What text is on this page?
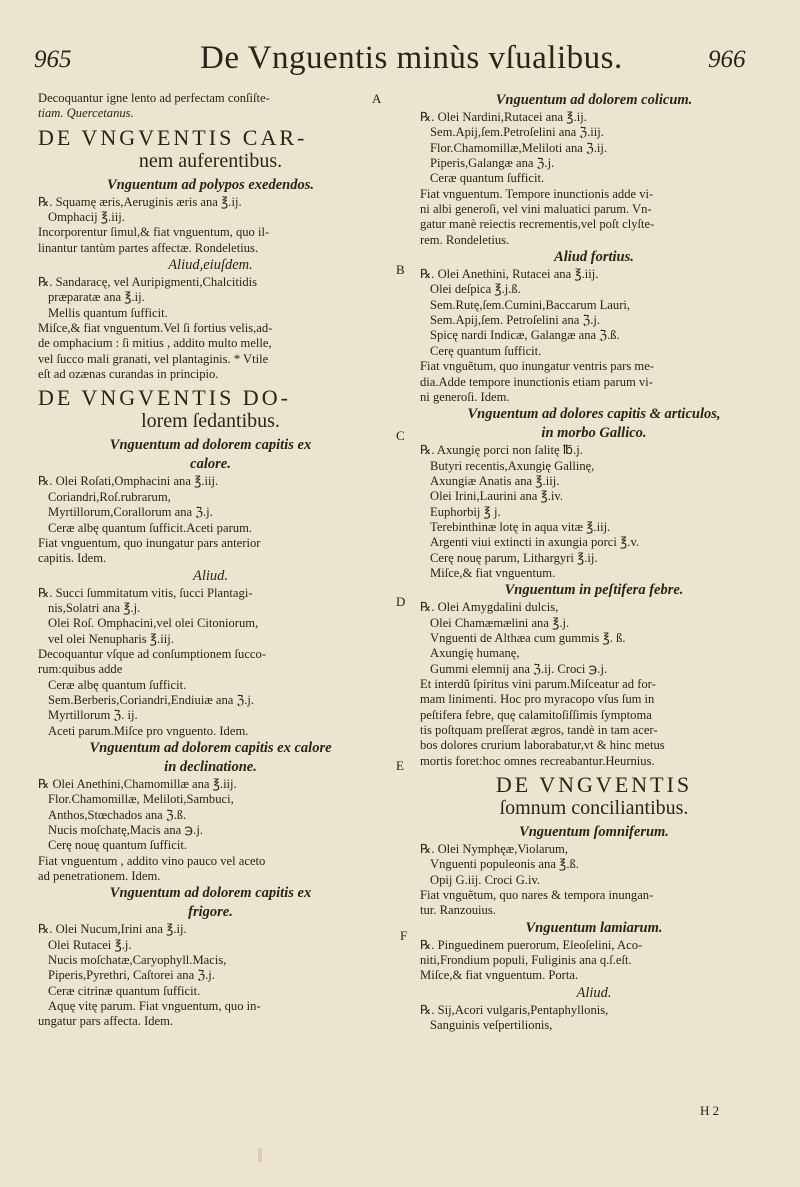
965	De Vnguentis minùs vſualibus.	966
A
B
C
D
E
F

Decoquantur igne lento ad perfectam conſiſte-

tiam. Quercetanus.

DE VNGVENTIS CAR-

nem auferentibus.

Vnguentum ad polypos exedendos.

℞. Squamę æris,Aeruginis æris ana ℥.ij.

Omphacij ℥.iij.

Incorporentur ſimul,& fiat vnguentum, quo il-

linantur tantùm partes affectæ. Rondeletius.

Aliud,eiuſdem.

℞. Sandaracę, vel Auripigmenti,Chalcitidis

præparatæ ana ℥.ij.

Mellis quantum ſufficit.

Miſce,& fiat vnguentum.Vel ſi fortius velis,ad-

de omphacium : ſi mitius , addito multo melle,

vel ſucco mali granati, vel plantaginis. * Vtile

eſt ad ozænas curandas in principio.

DE VNGVENTIS DO-

lorem ſedantibus.

Vnguentum ad dolorem capitis ex

calore.

℞. Olei Roſati,Omphacini ana ℥.iij.

Coriandri,Roſ.rubrarum,

Myrtillorum,Corallorum ana ℨ.j.

Ceræ albę quantum ſufficit.Aceti parum.

Fiat vnguentum, quo inungatur pars anterior

capitis. Idem.

Aliud.

℞. Succi ſummitatum vitis, ſucci Plantagi-

nis,Solatri ana ℥.j.

Olei Roſ. Omphacini,vel olei Citoniorum,

vel olei Nenupharis ℥.iij.

Decoquantur vſque ad conſumptionem ſucco-

rum:quibus adde

Ceræ albę quantum ſufficit.

Sem.Berberis,Coriandri,Endiuiæ ana ℨ.j.

Myrtillorum ℨ. ij.

Aceti parum.Miſce pro vnguento. Idem.

Vnguentum ad dolorem capitis ex calore

in declinatione.

℞ Olei Anethini,Chamomillæ ana ℥.iij.

Flor.Chamomillæ, Meliloti,Sambuci,

Anthos,Stœchados ana ℨ.ß.

Nucis moſchatę,Macis ana ℈.j.

Cerę nouę quantum ſufficit.

Fiat vnguentum , addito vino pauco vel aceto

ad penetrationem. Idem.

Vnguentum ad dolorem capitis ex

frigore.

℞. Olei Nucum,Irini ana ℥.ij.

Olei Rutacei ℥.j.

Nucis moſchatæ,Caryophyll.Macis,

Piperis,Pyrethri, Caſtorei ana ℨ.j.

Ceræ citrinæ quantum ſufficit.

Aquę vitę parum. Fiat vnguentum, quo in-

ungatur pars affecta. Idem.

Vnguentum ad dolorem colicum.

℞. Olei Nardini,Rutacei ana ℥.ij.

Sem.Apij,ſem.Petroſelini ana ℨ.iij.

Flor.Chamomillæ,Meliloti ana ℨ.ij.

Piperis,Galangæ ana ℨ.j.

Ceræ quantum ſufficit.

Fiat vnguentum. Tempore inunctionis adde vi-

ni albi generoſi, vel vini maluatici parum. Vn-

gatur manè reiectis recrementis,vel poſt clyſte-

rem. Rondeletius.

Aliud fortius.

℞. Olei Anethini, Rutacei ana ℥.iij.

Olei deſpica ℥.j.ß.

Sem.Rutę,ſem.Cumini,Baccarum Lauri,

Sem.Apij,ſem. Petroſelini ana ℨ.j.

Spicę nardi Indicæ, Galangæ ana ℨ.ß.

Cerę quantum ſufficit.

Fiat vnguẽtum, quo inungatur ventris pars me-

dia.Adde tempore inunctionis etiam parum vi-

ni generoſi. Idem.

Vnguentum ad dolores capitis & articulos,

in morbo Gallico.

℞. Axungię porci non ſalitę ℔.j.

Butyri recentis,Axungię Gallinę,

Axungiæ Anatis ana ℥.iij.

Olei Irini,Laurini ana ℥.iv.

Euphorbij ℥ j.

Terebinthinæ lotę in aqua vitæ ℥.iij.

Argenti viui extincti in axungia porci ℥.v.

Cerę nouę parum, Lithargyri ℥.ij.

Miſce,& fiat vnguentum.

Vnguentum in peſtifera febre.

℞. Olei Amygdalini dulcis,

Olei Chamæmælini ana ℥.j.

Vnguenti de Althæa cum gummis ℥. ß.

Axungię humanę,

Gummi elemnij ana ℨ.ij. Croci ℈.j.

Et interdũ ſpiritus vini parum.Miſceatur ad for-

mam linimenti. Hoc pro myracopo vſus ſum in

peſtifera febre, quę calamitoſiſſimis ſymptoma

tis poſtquam preſſerat ægros, tandè in tam acer-

bos dolores crurium laborabatur,vt & hinc metus

mortis foret:hoc omnes recreabantur.Heurnius.

DE VNGVENTIS

ſomnum conciliantibus.

Vnguentum ſomniferum.

℞. Olei Nymphęæ,Violarum,

Vnguenti populeonis ana ℥.ß.

Opij G.iij. Croci G.iv.

Fiat vnguẽtum, quo nares & tempora inungan-

tur. Ranzouius.

Vnguentum lamiarum.

℞. Pinguedinem puerorum, Eleoſelini, Aco-

niti,Frondium populi, Fuliginis ana q.ſ.eſt.

Miſce,& fiat vnguentum. Porta.

Aliud.

℞. Sij,Acori vulgaris,Pentaphyllonis,

Sanguinis veſpertilionis,

H 2
